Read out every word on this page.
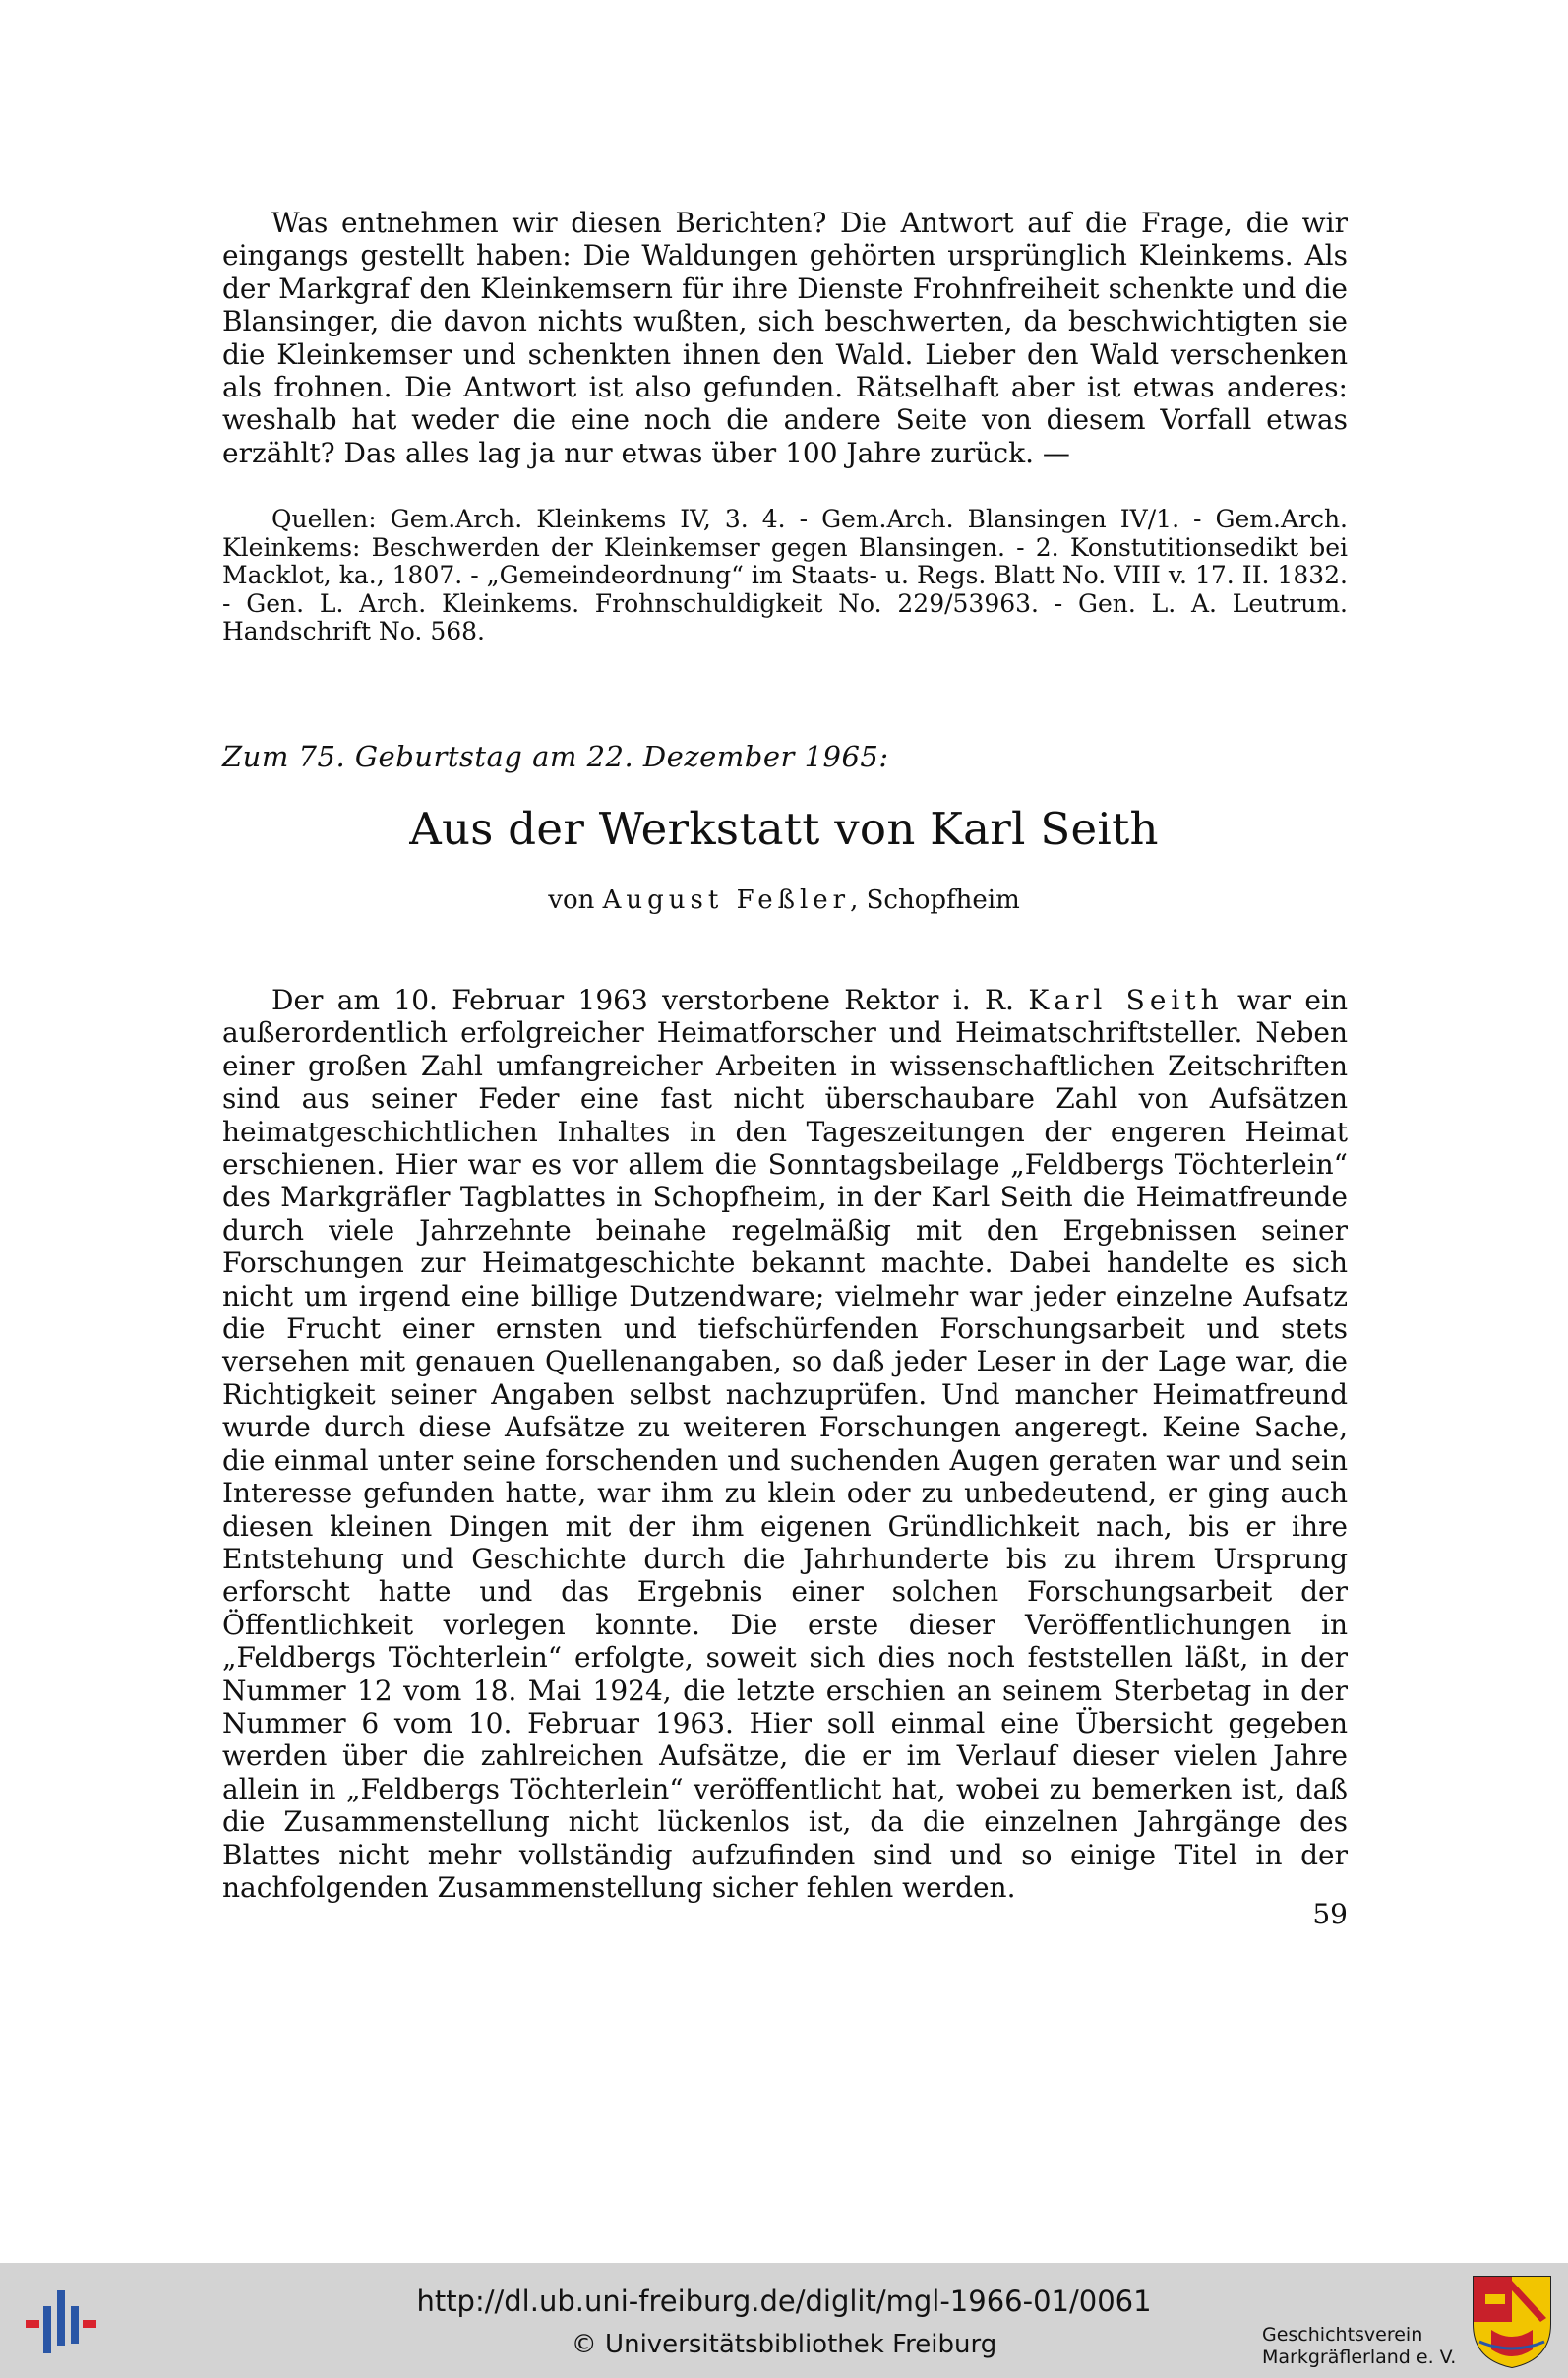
Was entnehmen wir diesen Berichten? Die Antwort auf die Frage, die wir eingangs gestellt haben: Die Waldungen gehörten ursprünglich Kleinkems. Als der Markgraf den Kleinkemsern für ihre Dienste Frohnfreiheit schenkte und die Blansinger, die davon nichts wußten, sich beschwerten, da beschwichtigten sie die Kleinkemser und schenkten ihnen den Wald. Lieber den Wald verschenken als frohnen. Die Antwort ist also gefunden. Rätselhaft aber ist etwas anderes: weshalb hat weder die eine noch die andere Seite von diesem Vorfall etwas erzählt? Das alles lag ja nur etwas über 100 Jahre zurück. —

Quellen: Gem.Arch. Kleinkems IV, 3. 4. - Gem.Arch. Blansingen IV/1. - Gem.Arch. Kleinkems: Beschwerden der Kleinkemser gegen Blansingen. - 2. Konstutitionsedikt bei Macklot, ka., 1807. - „Gemeindeordnung“ im Staats- u. Regs. Blatt No. VIII v. 17. II. 1832. - Gen. L. Arch. Kleinkems. Frohnschuldigkeit No. 229/53963. - Gen. L. A. Leutrum. Handschrift No. 568.

Zum 75. Geburtstag am 22. Dezember 1965:

Aus der Werkstatt von Karl Seith

von August Feßler, Schopfheim

Der am 10. Februar 1963 verstorbene Rektor i. R. Karl Seith war ein außerordentlich erfolgreicher Heimatforscher und Heimatschriftsteller. Neben einer großen Zahl umfangreicher Arbeiten in wissenschaftlichen Zeitschriften sind aus seiner Feder eine fast nicht überschaubare Zahl von Aufsätzen heimatgeschichtlichen Inhaltes in den Tageszeitungen der engeren Heimat erschienen. Hier war es vor allem die Sonntagsbeilage „Feldbergs Töchterlein“ des Markgräfler Tagblattes in Schopfheim, in der Karl Seith die Heimatfreunde durch viele Jahrzehnte beinahe regelmäßig mit den Ergebnissen seiner Forschungen zur Heimatgeschichte bekannt machte. Dabei handelte es sich nicht um irgend eine billige Dutzendware; vielmehr war jeder einzelne Aufsatz die Frucht einer ernsten und tiefschürfenden Forschungsarbeit und stets versehen mit genauen Quellenangaben, so daß jeder Leser in der Lage war, die Richtigkeit seiner Angaben selbst nachzuprüfen. Und mancher Heimatfreund wurde durch diese Aufsätze zu weiteren Forschungen angeregt. Keine Sache, die einmal unter seine forschenden und suchenden Augen geraten war und sein Interesse gefunden hatte, war ihm zu klein oder zu unbedeutend, er ging auch diesen kleinen Dingen mit der ihm eigenen Gründlichkeit nach, bis er ihre Entstehung und Geschichte durch die Jahrhunderte bis zu ihrem Ursprung erforscht hatte und das Ergebnis einer solchen Forschungsarbeit der Öffentlichkeit vorlegen konnte. Die erste dieser Veröffentlichungen in „Feldbergs Töchterlein“ erfolgte, soweit sich dies noch feststellen läßt, in der Nummer 12 vom 18. Mai 1924, die letzte erschien an seinem Sterbetag in der Nummer 6 vom 10. Februar 1963. Hier soll einmal eine Übersicht gegeben werden über die zahlreichen Aufsätze, die er im Verlauf dieser vielen Jahre allein in „Feldbergs Töchterlein“ veröffentlicht hat, wobei zu bemerken ist, daß die Zusammenstellung nicht lückenlos ist, da die einzelnen Jahrgänge des Blattes nicht mehr vollständig aufzufinden sind und so einige Titel in der nachfolgenden Zusammenstellung sicher fehlen werden.

59

http://dl.ub.uni-freiburg.de/diglit/mgl-1966-01/0061

© Universitätsbibliothek Freiburg	Geschichtsverein
Markgräflerland e. V.
